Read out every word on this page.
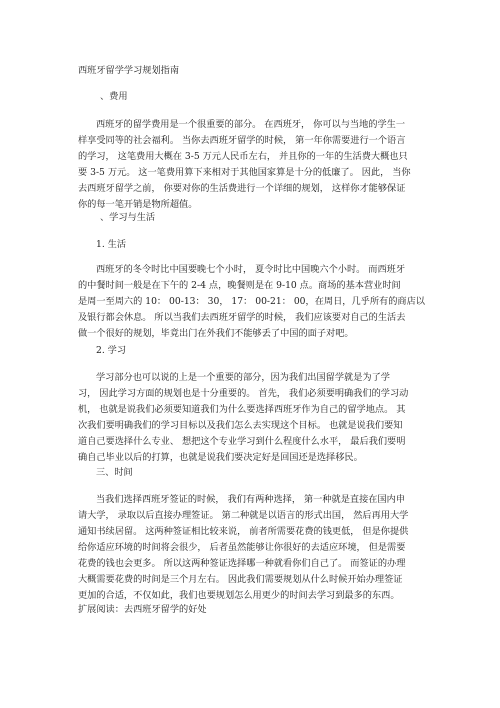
西班牙留学学习规划指南
、费用
西班牙的留学费用是一个很重要的部分。 在西班牙， 你可以与当地的学生一
样享受同等的社会福利。 当你去西班牙留学的时候， 第一年你需要进行一个语言
的学习， 这笔费用大概在 3-5 万元人民币左右， 并且你的一年的生活费大概也只
要 3-5 万元。 这一笔费用算下来相对于其他国家算是十分的低廉了。 因此， 当你
去西班牙留学之前， 你要对你的生活费进行一个详细的规划， 这样你才能够保证
你的每一笔开销是物所超值。
、学习与生活
1. 生活
西班牙的冬令时比中国要晚七个小时， 夏令时比中国晚六个小时。 而西班牙
的中餐时间一般是在下午的 2-4 点，晚餐则是在 9-10 点。商场的基本营业时间
是周一至周六的 10： 00-13： 30， 17： 00-21： 00，在周日，几乎所有的商店以
及银行都会休息。 所以当我们去西班牙留学的时候， 我们应该要对自己的生活去
做一个很好的规划，毕竟出门在外我们不能够丢了中国的面子对吧。
2. 学习
学习部分也可以说的上是一个重要的部分，因为我们出国留学就是为了学
习， 因此学习方面的规划也是十分重要的。 首先， 我们必须要明确我们的学习动
机， 也就是说我们必须要知道我们为什么要选择西班牙作为自己的留学地点。 其
次我们要明确我们的学习目标以及我们怎么去实现这个目标。 也就是说我们要知
道自己要选择什么专业、 想把这个专业学习到什么程度什么水平， 最后我们要明
确自己毕业以后的打算，也就是说我们要决定好是回国还是选择移民。
三、时间
当我们选择西班牙签证的时候， 我们有两种选择， 第一种就是直接在国内申
请大学， 录取以后直接办理签证。 第二种就是以语言的形式出国， 然后再用大学
通知书续居留。 这两种签证相比较来说， 前者所需要花费的钱更低， 但是你提供
给你适应环境的时间将会很少， 后者虽然能够让你很好的去适应环境， 但是需要
花费的钱也会更多。 所以这两种签证选择哪一种就看你们自己了。 而签证的办理
大概需要花费的时间是三个月左右。 因此我们需要规划从什么时候开始办理签证
更加的合适，不仅如此，我们也要规划怎么用更少的时间去学习到最多的东西。
扩展阅读：去西班牙留学的好处
